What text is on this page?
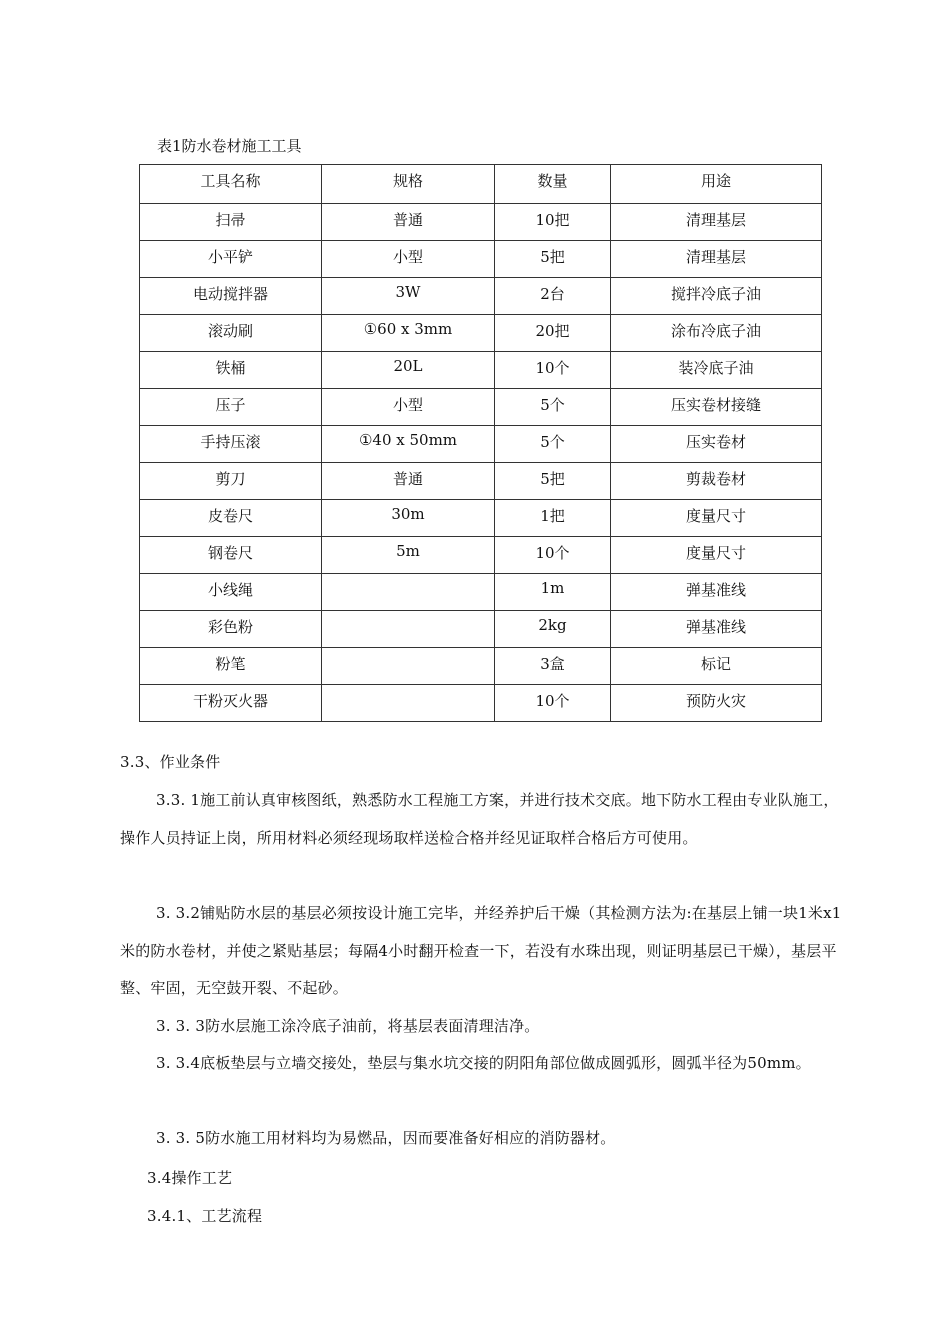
表1防水卷材施工工具
工具名称	规格	数量	用途
扫帚	普通	10把	清理基层
小平铲	小型	5把	清理基层
电动搅拌器	3W	2台	搅拌冷底子油
滚动刷	①60 x 3mm	20把	涂布冷底子油
铁桶	20L	10个	装冷底子油
压子	小型	5个	压实卷材接缝
手持压滚	①40 x 50mm	5个	压实卷材
剪刀	普通	5把	剪裁卷材
皮卷尺	30m	1把	度量尺寸
钢卷尺	5m	10个	度量尺寸
小线绳		1m	弹基准线
彩色粉		2kg	弹基准线
粉笔		3盒	标记
干粉灭火器		10个	预防火灾

3.3、作业条件

3.3. 1施工前认真审核图纸，熟悉防水工程施工方案，并进行技术交底。地下防水工程由专业队施工，操作人员持证上岗，所用材料必须经现场取样送检合格并经见证取样合格后方可使用。

3. 3.2铺贴防水层的基层必须按设计施工完毕，并经养护后干燥（其检测方法为:在基层上铺一块1米x1米的防水卷材，并使之紧贴基层；每隔4小时翻开检查一下，若没有水珠出现，则证明基层已干燥），基层平整、牢固，无空鼓开裂、不起砂。

3. 3. 3防水层施工涂冷底子油前，将基层表面清理洁净。

3. 3.4底板垫层与立墙交接处，垫层与集水坑交接的阴阳角部位做成圆弧形，圆弧半径为50mm。

3. 3. 5防水施工用材料均为易燃品，因而要准备好相应的消防器材。

3.4操作工艺

3.4.1、工艺流程
